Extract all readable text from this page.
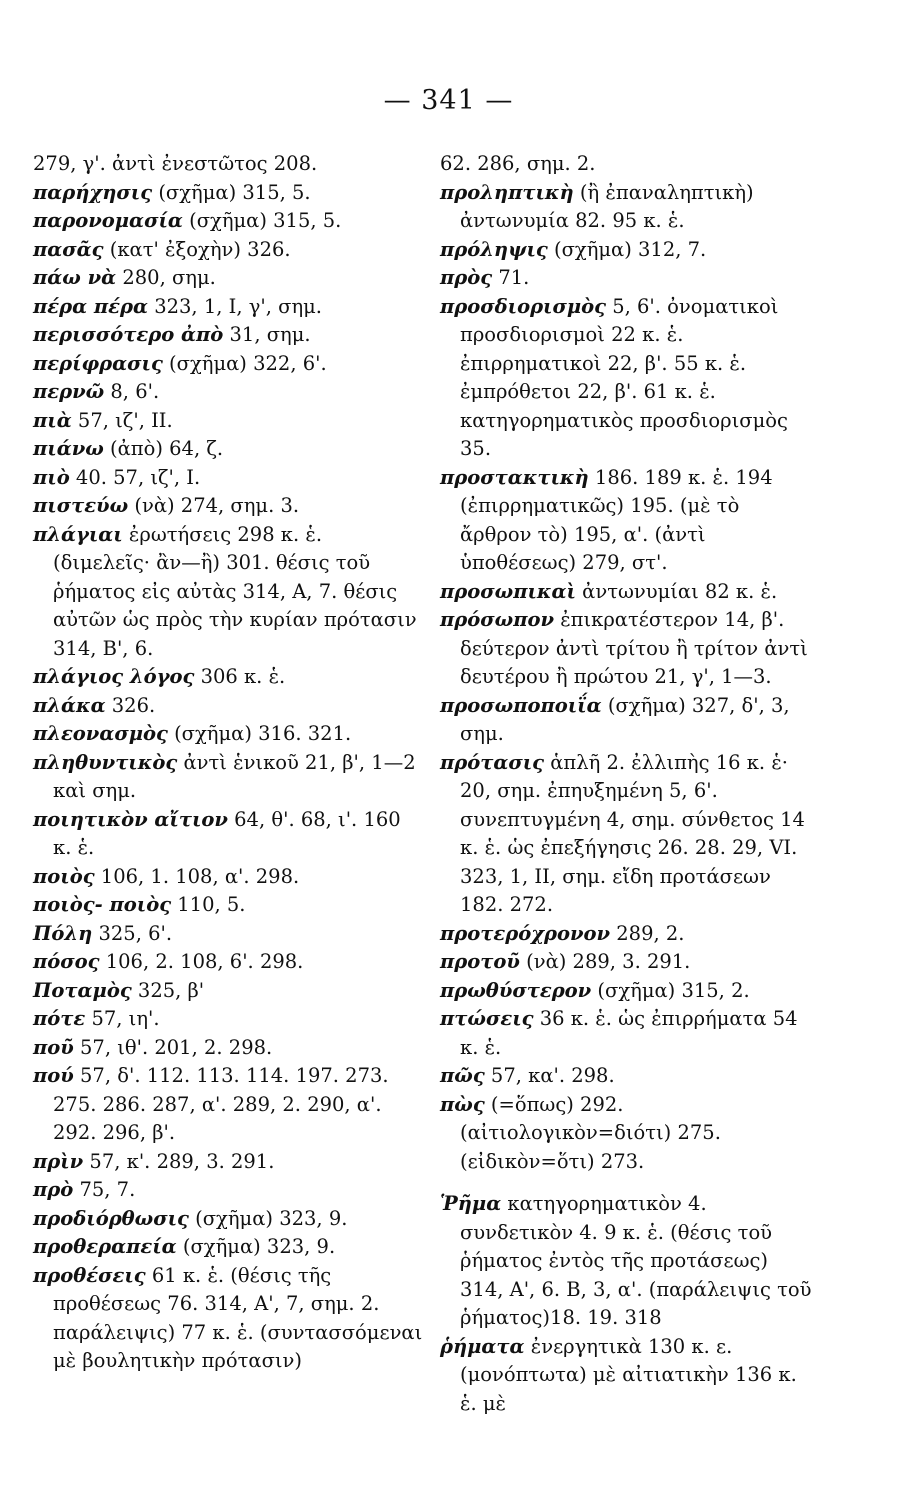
— 341 —
279, γ'. ἀντὶ ἐνεστῶτος 208.
παρήχησις (σχῆμα) 315, 5.
παρονομασία (σχῆμα) 315, 5.
πασᾶς (κατ' ἐξοχὴν) 326.
πάω νὰ 280, σημ.
πέρα πέρα 323, 1, I, γ', σημ.
περισσότερο ἀπὸ 31, σημ.
περίφρασις (σχῆμα) 322, 6'.
περνῶ 8, 6'.
πιὰ 57, ιζ', II.
πιάνω (ἀπὸ) 64, ζ.
πιὸ 40. 57, ιζ', I.
πιστεύω (νὰ) 274, σημ. 3.
πλάγιαι ἐρωτήσεις 298 κ. ἑ. (διμελεῖς· ἂν—ἢ) 301. θέσις τοῦ ῥήματος εἰς αὐτὰς 314, A, 7. θέσις αὐτῶν ὡς πρὸς τὴν κυρίαν πρότασιν 314, B', 6.
πλάγιος λόγος 306 κ. ἑ.
πλάκα 326.
πλεονασμὸς (σχῆμα) 316. 321.
πληθυντικὸς ἀντὶ ἑνικοῦ 21, β', 1—2 καὶ σημ.
ποιητικὸν αἴτιον 64, θ'. 68, ι'. 160 κ. ἑ.
ποιὸς 106, 1. 108, α'. 298.
ποιὸς- ποιὸς 110, 5.
Πόλη 325, 6'.
πόσος 106, 2. 108, 6'. 298.
Ποταμὸς 325, β'
πότε 57, ιη'.
ποῦ 57, ιθ'. 201, 2. 298.
πού 57, δ'. 112. 113. 114. 197. 273. 275. 286. 287, α'. 289, 2. 290, α'. 292. 296, β'.
πρὶν 57, κ'. 289, 3. 291.
πρὸ 75, 7.
προδιόρθωσις (σχῆμα) 323, 9.
προθεραπεία (σχῆμα) 323, 9.
προθέσεις 61 κ. ἑ. (θέσις τῆς προθέσεως 76. 314, A', 7, σημ. 2. παράλειψις) 77 κ. ἑ. (συντασσόμεναι μὲ βουλητικὴν πρότασιν)
62. 286, σημ. 2.
προληπτικὴ (ἢ ἐπαναληπτικὴ) ἀντωνυμία 82. 95 κ. ἑ.
πρόληψις (σχῆμα) 312, 7.
πρὸς 71.
προσδιορισμὸς 5, 6'. ὀνοματικοὶ προσδιορισμοὶ 22 κ. ἑ. ἐπιρρηματικοὶ 22, β'. 55 κ. ἑ. ἐμπρόθετοι 22, β'. 61 κ. ἑ. κατηγορηματικὸς προσδιορισμὸς 35.
προστακτικὴ 186. 189 κ. ἑ. 194 (ἐπιρρηματικῶς) 195. (μὲ τὸ ἄρθρον τὸ) 195, α'. (ἀντὶ ὑποθέσεως) 279, στ'.
προσωπικαὶ ἀντωνυμίαι 82 κ. ἑ.
πρόσωπον ἐπικρατέστερον 14, β'. δεύτερον ἀντὶ τρίτου ἢ τρίτον ἀντὶ δευτέρου ἢ πρώτου 21, γ', 1—3.
προσωποποιΐα (σχῆμα) 327, δ', 3, σημ.
πρότασις ἁπλῆ 2. ἐλλιπὴς 16 κ. ἑ· 20, σημ. ἐπηυξημένη 5, 6'. συνεπτυγμένη 4, σημ. σύνθετος 14 κ. ἑ. ὡς ἐπεξήγησις 26. 28. 29, VI. 323, 1, II, σημ. εἴδη προτάσεων 182. 272.
προτερόχρονον 289, 2.
προτοῦ (νὰ) 289, 3. 291.
πρωθύστερον (σχῆμα) 315, 2.
πτώσεις 36 κ. ἑ. ὡς ἐπιρρήματα 54 κ. ἑ.
πῶς 57, κα'. 298.
πὼς (=ὅπως) 292. (αἰτιολογικὸν=διότι) 275. (εἰδικὸν=ὅτι) 273.
Ῥῆμα κατηγορηματικὸν 4. συνδετικὸν 4. 9 κ. ἑ. (θέσις τοῦ ῥήματος ἐντὸς τῆς προτάσεως) 314, A', 6. B, 3, α'. (παράλειψις τοῦ ῥήματος)18. 19. 318
ῥήματα ἐνεργητικὰ 130 κ. ε. (μονόπτωτα) μὲ αἰτιατικὴν 136 κ. ἑ. μὲ
